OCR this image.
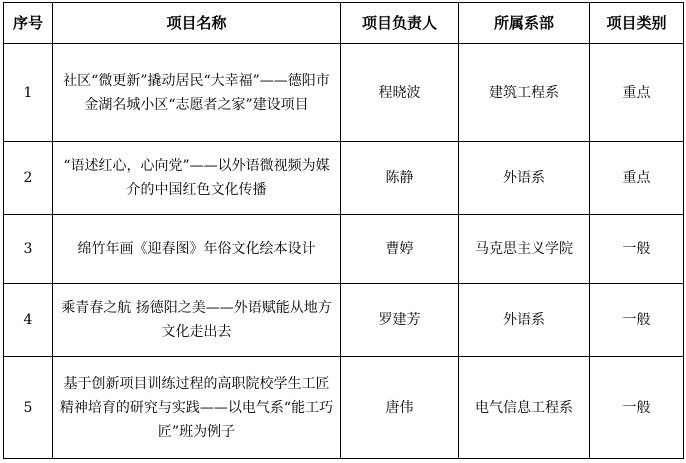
序号	项目名称	项目负责人	所属系部	项目类别
1	社区“微更新”撬动居民“大幸福”——德阳市金湖名城小区“志愿者之家”建设项目	程晓波	建筑工程系	重点
2	“语述红心，心向党”——以外语微视频为媒介的中国红色文化传播	陈静	外语系	重点
3	绵竹年画《迎春图》年俗文化绘本设计	曹婷	马克思主义学院	一般
4	乘青春之航 扬德阳之美——外语赋能从地方文化走出去	罗建芳	外语系	一般
5	基于创新项目训练过程的高职院校学生工匠精神培育的研究与实践——以电气系“能工巧匠”班为例子	唐伟	电气信息工程系	一般
